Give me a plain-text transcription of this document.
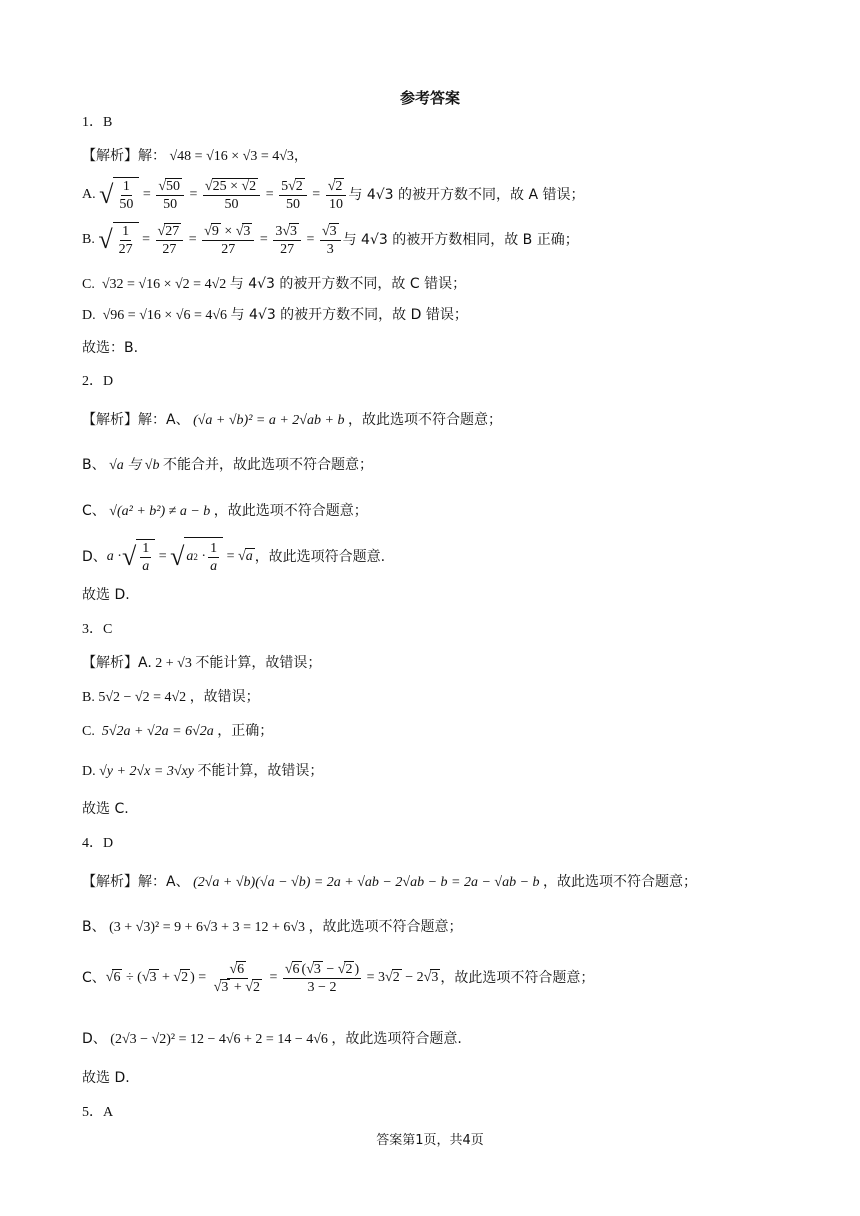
参考答案
1．B
【解析】解： √48 = √16 × √3 = 4√3，
A.
√ $\frac{1}{50} = \frac{√50}{50} = \frac{√25 \times √2}{50} = \frac{5√2}{50} = \frac{√2}{10}$ 与 4√3 的被开方数不同，故 A 错误；
B.
√ $\frac{1}{27} = \frac{√27}{27} = \frac{√9 \times √3}{27} = \frac{3√3}{27} = \frac{√3}{3}$ 与 4√3 的被开方数相同，故 B 正确；
C. √32 = √16 × √2 = 4√2 与 4√3 的被开方数不同，故 C 错误；
D. √96 = √16 × √6 = 4√6 与 4√3 的被开方数不同，故 D 错误；
故选：B.
2．D
【解析】解：A、 (√a + √b)² = a + 2√ab + b ，故此选项不符合题意；
B、 √a 与 √b 不能合并，故此选项不符合题意；
C、 √(a² + b²) ≠ a − b ，故此选项不符合题意；
D、 a · √ $\frac{1}{a}$ = √ a $2 \cdot \frac{1}{a} = √a$ ，故此选项符合题意.
故选 D.
3．C
【解析】A. 2 + √3 不能计算，故错误；
B. 5√2 − √2 = 4√2 ，故错误；
C. 5√2a + √2a = 6√2a ，正确；
D. √y + 2√x = 3√xy 不能计算，故错误；
故选 C.
4．D
【解析】解：A、 (2√a + √b)(√a − √b) = 2a + √ab − 2√ab − b = 2a − √ab − b ，故此选项不符合题意；
B、 (3 + √3)² = 9 + 6√3 + 3 = 12 + 6√3 ，故此选项不符合题意；
C、 √6 ÷ (√3 + √2 ) = $\frac{√6}{√3 + √2} = \frac{√6 (√3 - √2 )}{3 - 2} = 3√2 - 2√3$ ，故此选项不符合题意；
D、 (2√3 − √2)² = 12 − 4√6 + 2 = 14 − 4√6 ，故此选项符合题意.
故选 D.
5．A
答案第1页，共4页
